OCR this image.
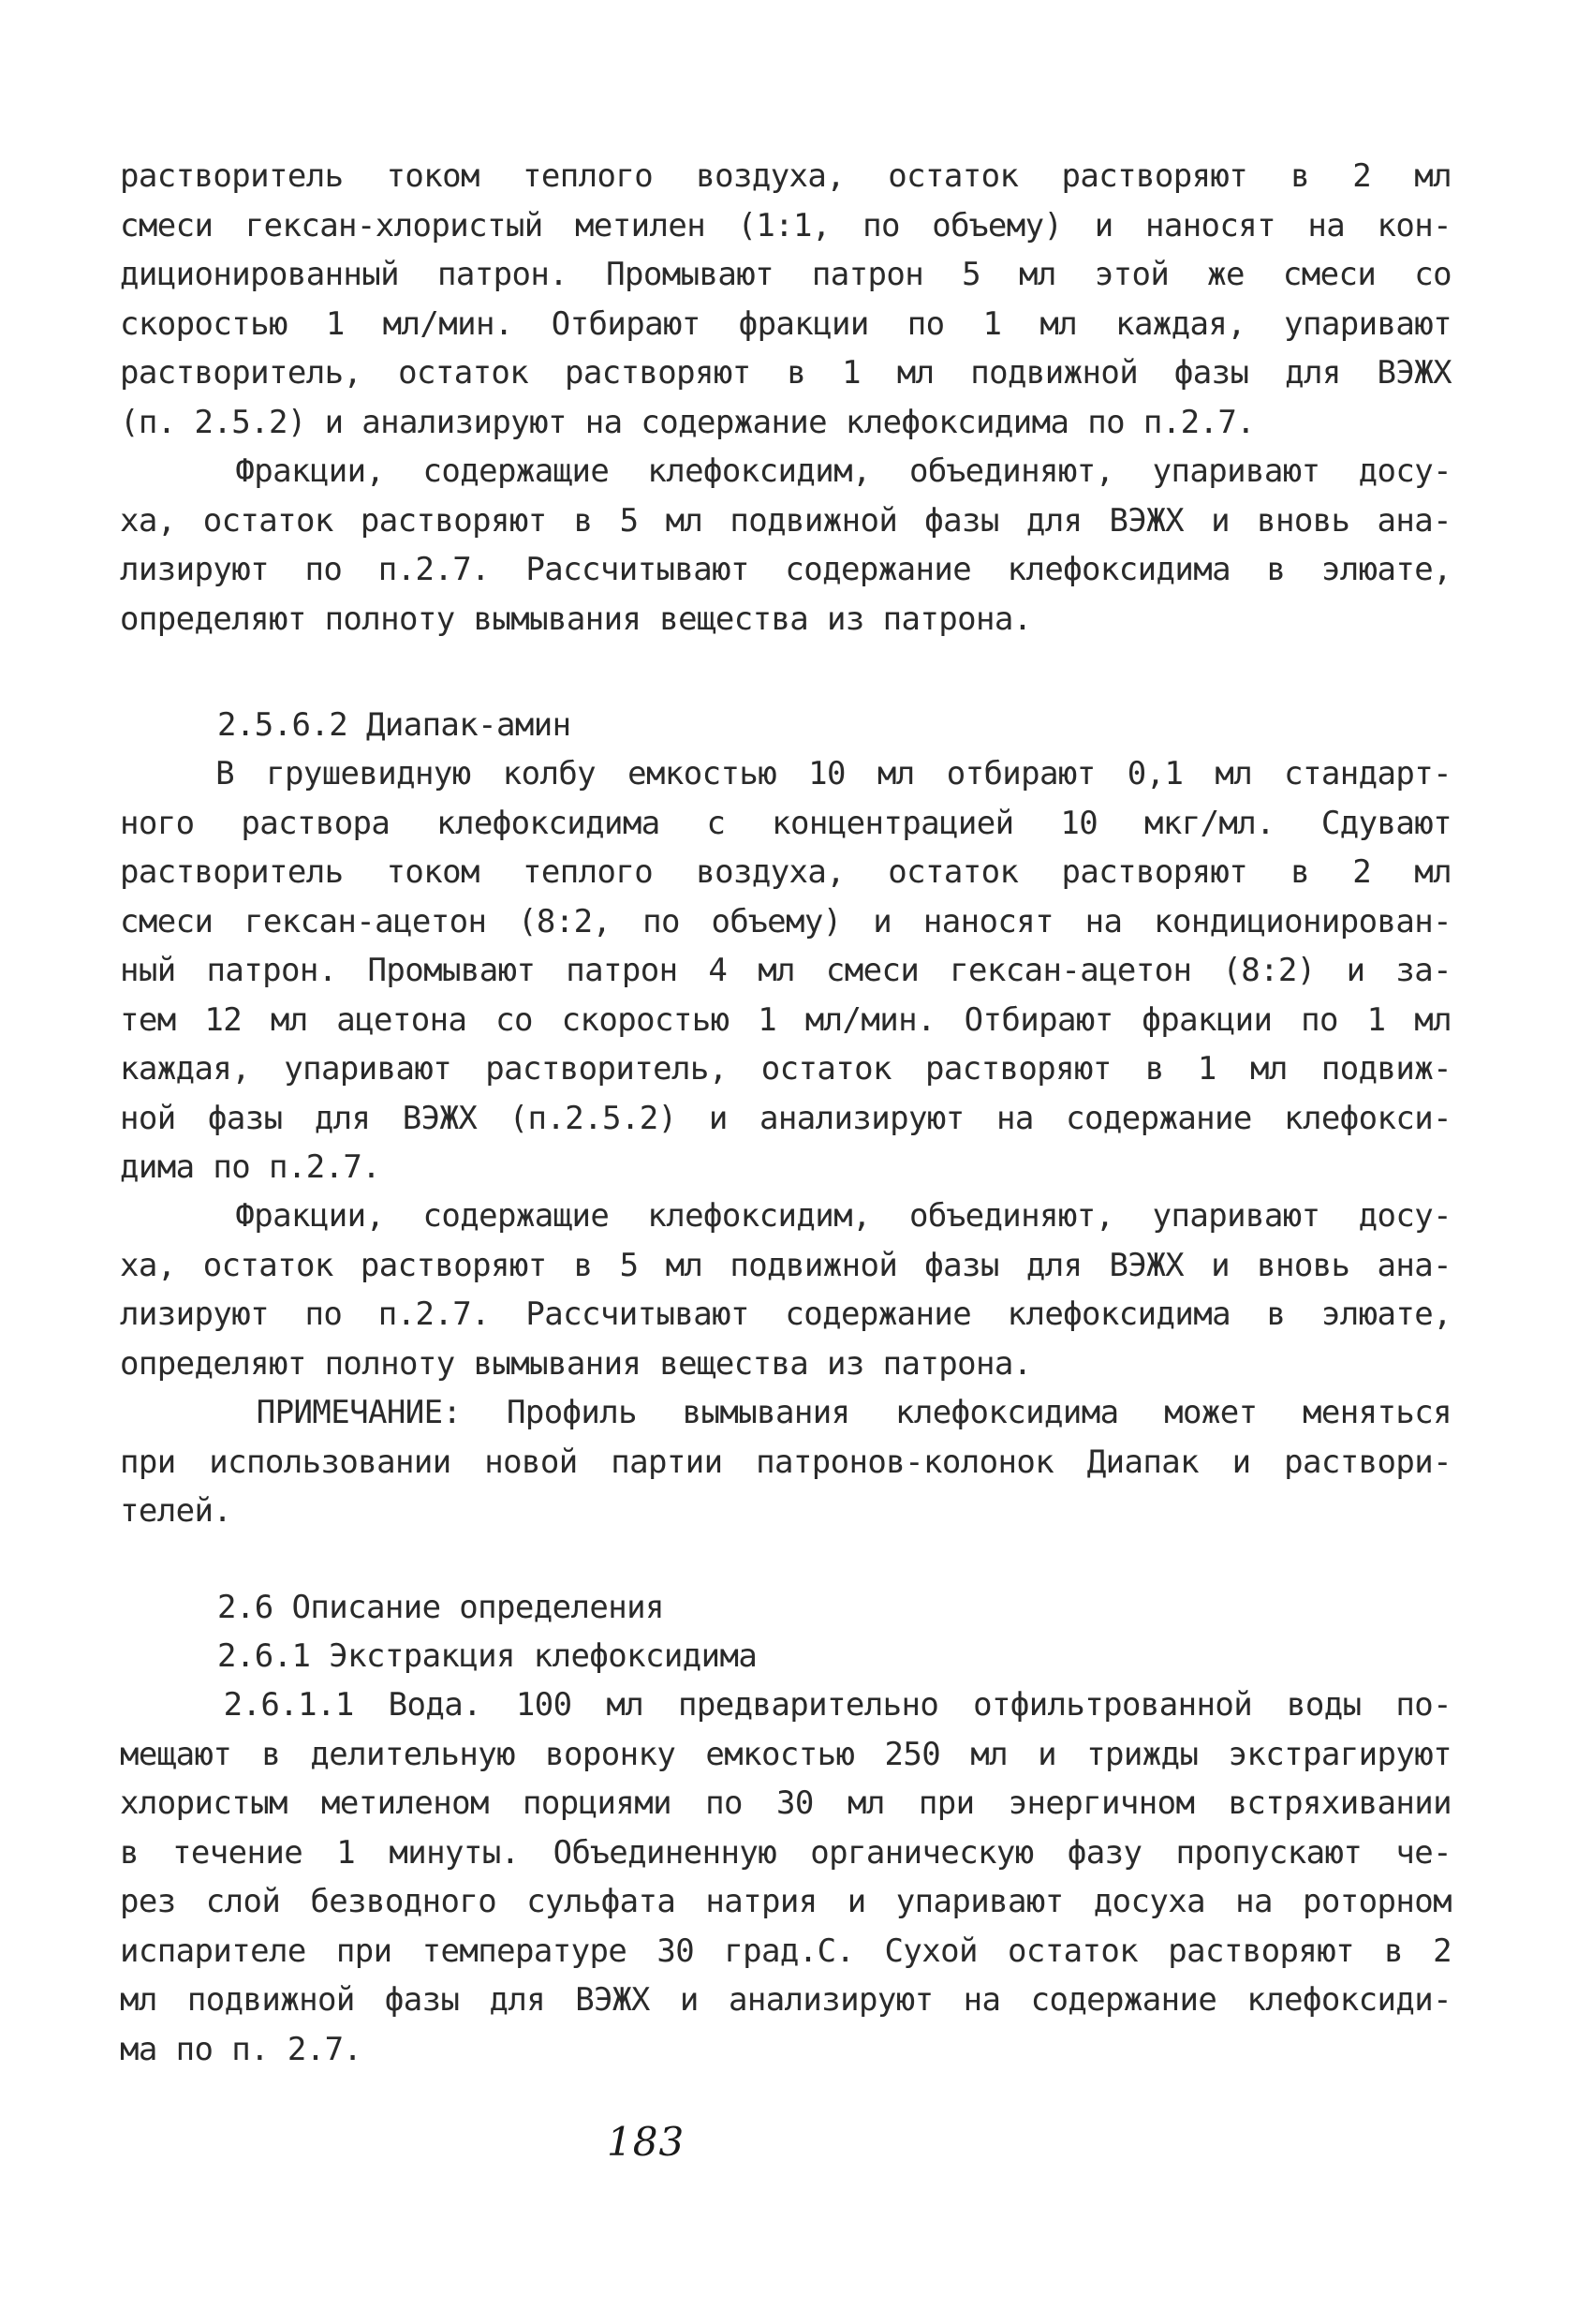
растворитель током теплого воздуха, остаток растворяют в 2 мл
смеси гексан-хлористый метилен (1:1, по объему) и наносят на кон-
диционированный патрон. Промывают патрон 5 мл этой же смеси со
скоростью 1 мл/мин. Отбирают фракции по 1 мл каждая, упаривают
растворитель, остаток растворяют в 1 мл подвижной фазы для ВЭЖХ
(п. 2.5.2) и анализируют на содержание клефоксидима по п.2.7.
Фракции, содержащие клефоксидим, объединяют, упаривают досу-
ха, остаток растворяют в 5 мл подвижной фазы для ВЭЖХ и вновь ана-
лизируют по п.2.7. Рассчитывают содержание клефоксидима в элюате,
определяют полноту вымывания вещества из патрона.
2.5.6.2 Диапак-амин
В грушевидную колбу емкостью 10 мл отбирают 0,1 мл стандарт-
ного раствора клефоксидима с концентрацией 10 мкг/мл. Сдувают
растворитель током теплого воздуха, остаток растворяют в 2 мл
смеси гексан-ацетон (8:2, по объему) и наносят на кондиционирован-
ный патрон. Промывают патрон 4 мл смеси гексан-ацетон (8:2) и за-
тем 12 мл ацетона со скоростью 1 мл/мин. Отбирают фракции по 1 мл
каждая, упаривают растворитель, остаток растворяют в 1 мл подвиж-
ной фазы для ВЭЖХ (п.2.5.2) и анализируют на содержание клефокси-
дима по п.2.7.
Фракции, содержащие клефоксидим, объединяют, упаривают досу-
ха, остаток растворяют в 5 мл подвижной фазы для ВЭЖХ и вновь ана-
лизируют по п.2.7. Рассчитывают содержание клефоксидима в элюате,
определяют полноту вымывания вещества из патрона.
ПРИМЕЧАНИЕ: Профиль вымывания клефоксидима может меняться
при использовании новой партии патронов-колонок Диапак и раствори-
телей.
2.6 Описание определения
2.6.1 Экстракция клефоксидима
2.6.1.1 Вода. 100 мл предварительно отфильтрованной воды по-
мещают в делительную воронку емкостью 250 мл и трижды экстрагируют
хлористым метиленом порциями по 30 мл при энергичном встряхивании
в течение 1 минуты. Объединенную органическую фазу пропускают че-
рез слой безводного сульфата натрия и упаривают досуха на роторном
испарителе при температуре 30 град.С. Сухой остаток растворяют в 2
мл подвижной фазы для ВЭЖХ и анализируют на содержание клефоксиди-
ма по п. 2.7.
183
